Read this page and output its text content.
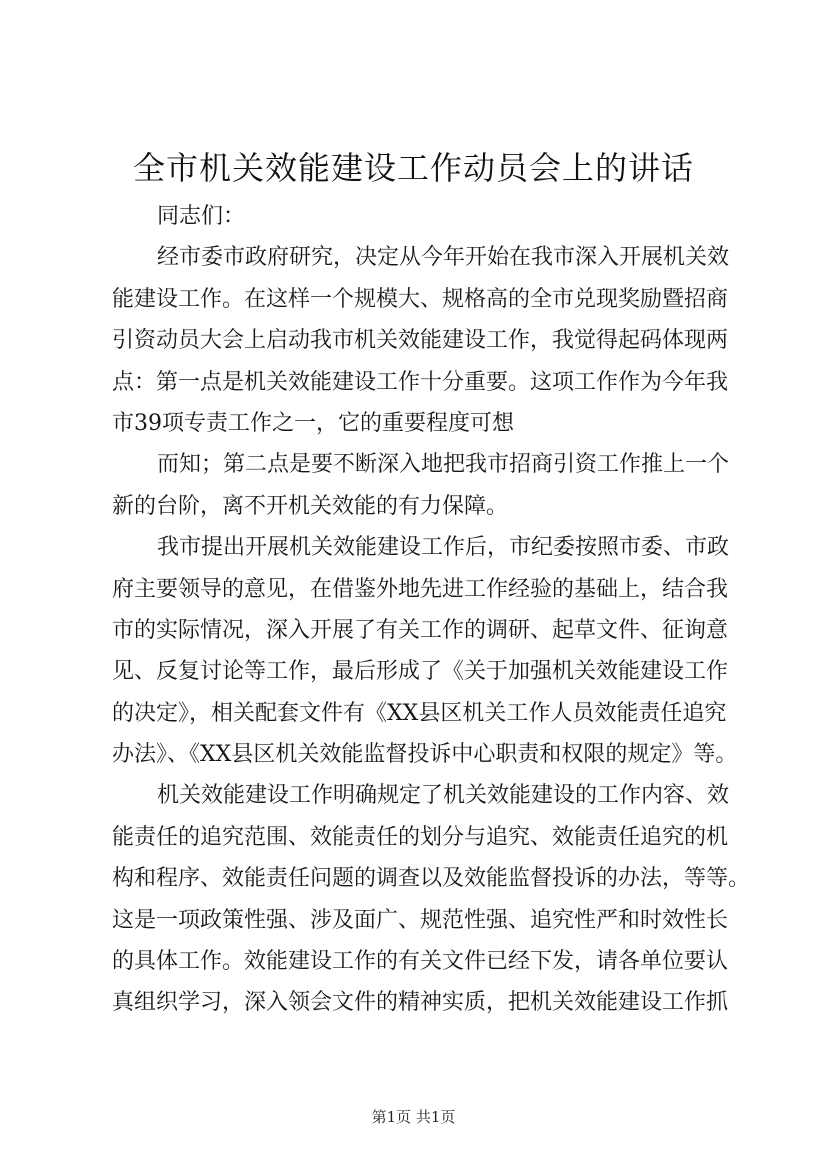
全市机关效能建设工作动员会上的讲话
同志们：
经市委市政府研究，决定从今年开始在我市深入开展机关效
能建设工作。在这样一个规模大、规格高的全市兑现奖励暨招商
引资动员大会上启动我市机关效能建设工作，我觉得起码体现两
点：第一点是机关效能建设工作十分重要。这项工作作为今年我
市39项专责工作之一，它的重要程度可想
而知；第二点是要不断深入地把我市招商引资工作推上一个
新的台阶，离不开机关效能的有力保障。
我市提出开展机关效能建设工作后，市纪委按照市委、市政
府主要领导的意见，在借鉴外地先进工作经验的基础上，结合我
市的实际情况，深入开展了有关工作的调研、起草文件、征询意
见、反复讨论等工作，最后形成了《关于加强机关效能建设工作
的决定》，相关配套文件有《XX县区机关工作人员效能责任追究
办法》、《XX县区机关效能监督投诉中心职责和权限的规定》等。
机关效能建设工作明确规定了机关效能建设的工作内容、效
能责任的追究范围、效能责任的划分与追究、效能责任追究的机
构和程序、效能责任问题的调查以及效能监督投诉的办法，等等。
这是一项政策性强、涉及面广、规范性强、追究性严和时效性长
的具体工作。效能建设工作的有关文件已经下发，请各单位要认
真组织学习，深入领会文件的精神实质，把机关效能建设工作抓
第1页 共1页
